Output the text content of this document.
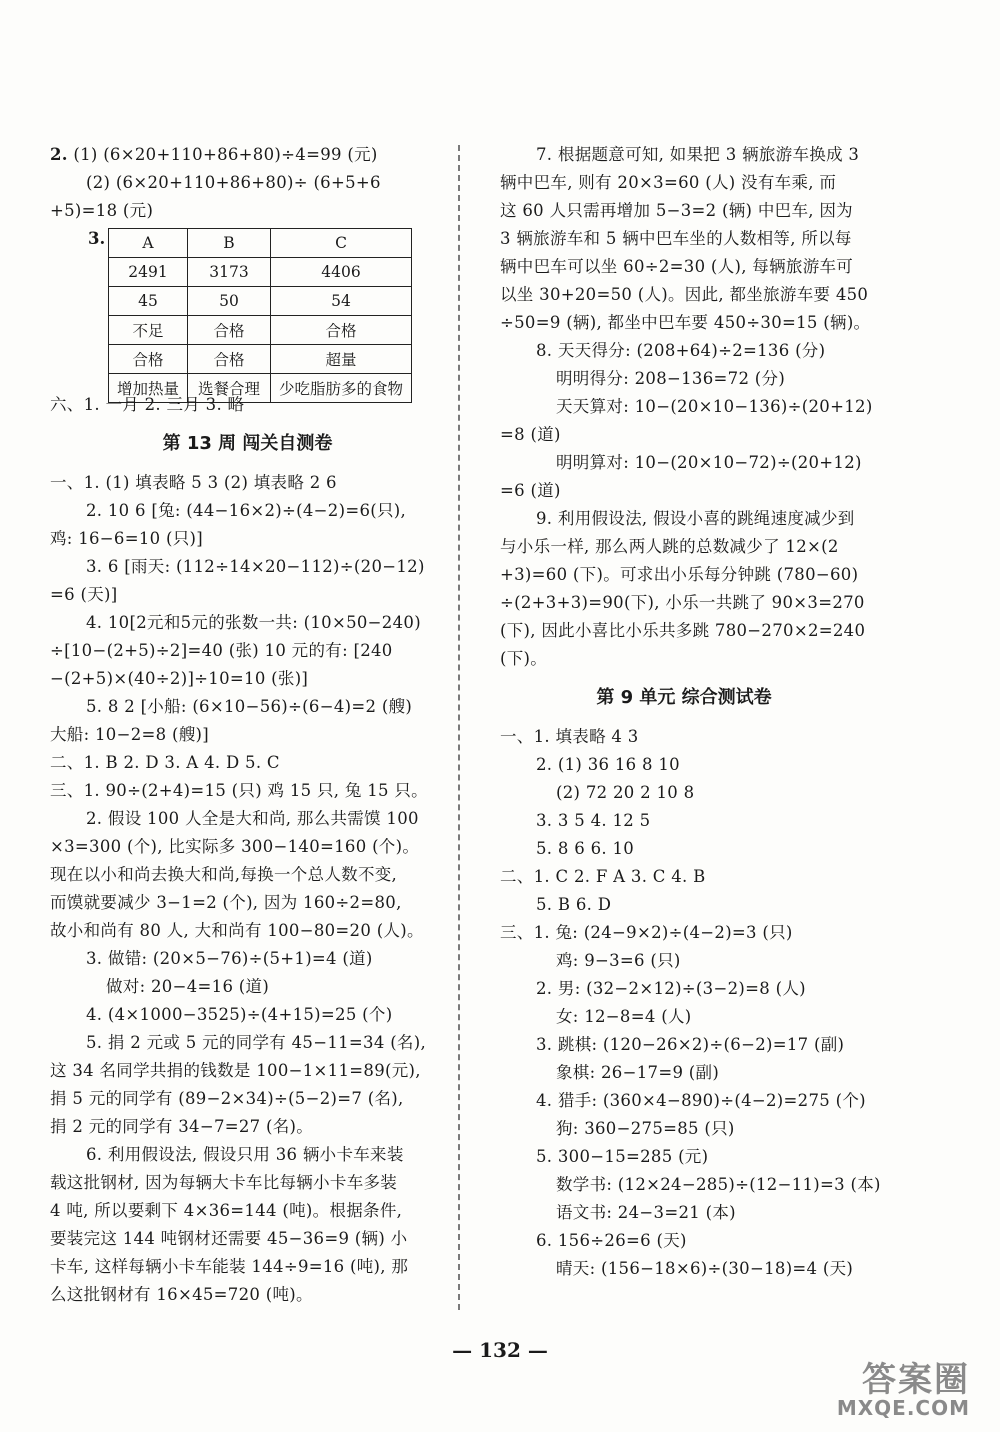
2. (1) (6×20+110+86+80)÷4=99 (元)
(2) (6×20+110+86+80)÷ (6+5+6
+5)=18 (元)
3. A	B	C
2491	3173	4406
45	50	54
不足	合格	合格
合格	合格	超量
增加热量	选餐合理	少吃脂肪多的食物
六、1. 一月 2. 三月 3. 略
第 13 周 闯关自测卷
一、1. (1) 填表略 5 3 (2) 填表略 2 6
2. 10 6 [兔: (44−16×2)÷(4−2)=6(只),
鸡: 16−6=10 (只)]
3. 6 [雨天: (112÷14×20−112)÷(20−12)
=6 (天)]
4. 10[2元和5元的张数一共: (10×50−240)
÷[10−(2+5)÷2]=40 (张) 10 元的有: [240
−(2+5)×(40÷2)]÷10=10 (张)]
5. 8 2 [小船: (6×10−56)÷(6−4)=2 (艘)
大船: 10−2=8 (艘)]
二、1. B 2. D 3. A 4. D 5. C
三、1. 90÷(2+4)=15 (只) 鸡 15 只, 兔 15 只。
2. 假设 100 人全是大和尚, 那么共需馍 100
×3=300 (个), 比实际多 300−140=160 (个)。
现在以小和尚去换大和尚,每换一个总人数不变,
而馍就要减少 3−1=2 (个), 因为 160÷2=80,
故小和尚有 80 人, 大和尚有 100−80=20 (人)。
3. 做错: (20×5−76)÷(5+1)=4 (道)
做对: 20−4=16 (道)
4. (4×1000−3525)÷(4+15)=25 (个)
5. 捐 2 元或 5 元的同学有 45−11=34 (名),
这 34 名同学共捐的钱数是 100−1×11=89(元),
捐 5 元的同学有 (89−2×34)÷(5−2)=7 (名),
捐 2 元的同学有 34−7=27 (名)。
6. 利用假设法, 假设只用 36 辆小卡车来装
载这批钢材, 因为每辆大卡车比每辆小卡车多装
4 吨, 所以要剩下 4×36=144 (吨)。根据条件,
要装完这 144 吨钢材还需要 45−36=9 (辆) 小
卡车, 这样每辆小卡车能装 144÷9=16 (吨), 那
么这批钢材有 16×45=720 (吨)。
7. 根据题意可知, 如果把 3 辆旅游车换成 3
辆中巴车, 则有 20×3=60 (人) 没有车乘, 而
这 60 人只需再增加 5−3=2 (辆) 中巴车, 因为
3 辆旅游车和 5 辆中巴车坐的人数相等, 所以每
辆中巴车可以坐 60÷2=30 (人), 每辆旅游车可
以坐 30+20=50 (人)。因此, 都坐旅游车要 450
÷50=9 (辆), 都坐中巴车要 450÷30=15 (辆)。
8. 天天得分: (208+64)÷2=136 (分)
明明得分: 208−136=72 (分)
天天算对: 10−(20×10−136)÷(20+12)
=8 (道)
明明算对: 10−(20×10−72)÷(20+12)
=6 (道)
9. 利用假设法, 假设小喜的跳绳速度减少到
与小乐一样, 那么两人跳的总数减少了 12×(2
+3)=60 (下)。可求出小乐每分钟跳 (780−60)
÷(2+3+3)=90(下), 小乐一共跳了 90×3=270
(下), 因此小喜比小乐共多跳 780−270×2=240
(下)。
第 9 单元 综合测试卷
一、1. 填表略 4 3
2. (1) 36 16 8 10
(2) 72 20 2 10 8
3. 3 5 4. 12 5
5. 8 6 6. 10
二、1. C 2. F A 3. C 4. B
5. B 6. D
三、1. 兔: (24−9×2)÷(4−2)=3 (只)
鸡: 9−3=6 (只)
2. 男: (32−2×12)÷(3−2)=8 (人)
女: 12−8=4 (人)
3. 跳棋: (120−26×2)÷(6−2)=17 (副)
象棋: 26−17=9 (副)
4. 猎手: (360×4−890)÷(4−2)=275 (个)
狗: 360−275=85 (只)
5. 300−15=285 (元)
数学书: (12×24−285)÷(12−11)=3 (本)
语文书: 24−3=21 (本)
6. 156÷26=6 (天)
晴天: (156−18×6)÷(30−18)=4 (天)
— 132 —
答案圈
MXQE.COM
